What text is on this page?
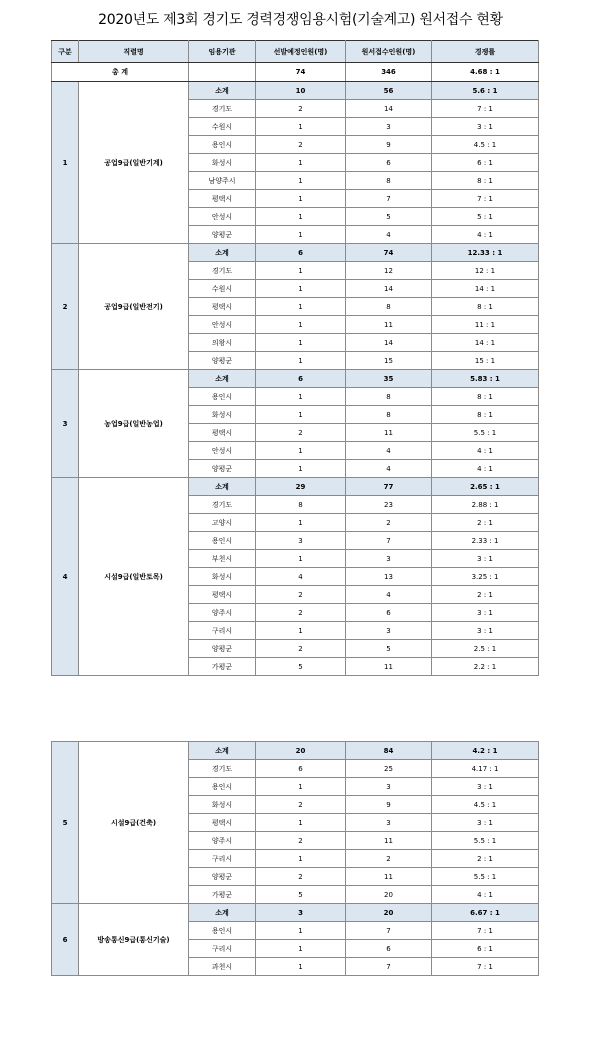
2020년도 제3회 경기도 경력경쟁임용시험(기술계고) 원서접수 현황
구분	직렬명	임용기관	선발예정인원(명)	원서접수인원(명)	경쟁률
총 계			74	346	4.68 : 1
1	공업9급(일반기계)	소계	10	56	5.6 : 1
		경기도	2	14	7 : 1
		수원시	1	3	3 : 1
		용인시	2	9	4.5 : 1
		화성시	1	6	6 : 1
		남양주시	1	8	8 : 1
		평택시	1	7	7 : 1
		안성시	1	5	5 : 1
		양평군	1	4	4 : 1
2	공업9급(일반전기)	소계	6	74	12.33 : 1
		경기도	1	12	12 : 1
		수원시	1	14	14 : 1
		평택시	1	8	8 : 1
		안성시	1	11	11 : 1
		의왕시	1	14	14 : 1
		양평군	1	15	15 : 1
3	농업9급(일반농업)	소계	6	35	5.83 : 1
		용인시	1	8	8 : 1
		화성시	1	8	8 : 1
		평택시	2	11	5.5 : 1
		안성시	1	4	4 : 1
		양평군	1	4	4 : 1
4	시설9급(일반토목)	소계	29	77	2.65 : 1
		경기도	8	23	2.88 : 1
		고양시	1	2	2 : 1
		용인시	3	7	2.33 : 1
		부천시	1	3	3 : 1
		화성시	4	13	3.25 : 1
		평택시	2	4	2 : 1
		양주시	2	6	3 : 1
		구리시	1	3	3 : 1
		양평군	2	5	2.5 : 1
		가평군	5	11	2.2 : 1
5	시설9급(건축)	소계	20	84	4.2 : 1
		경기도	6	25	4.17 : 1
		용인시	1	3	3 : 1
		화성시	2	9	4.5 : 1
		평택시	1	3	3 : 1
		양주시	2	11	5.5 : 1
		구리시	1	2	2 : 1
		양평군	2	11	5.5 : 1
		가평군	5	20	4 : 1
6	방송통신9급(통신기술)	소계	3	20	6.67 : 1
		용인시	1	7	7 : 1
		구리시	1	6	6 : 1
		과천시	1	7	7 : 1
